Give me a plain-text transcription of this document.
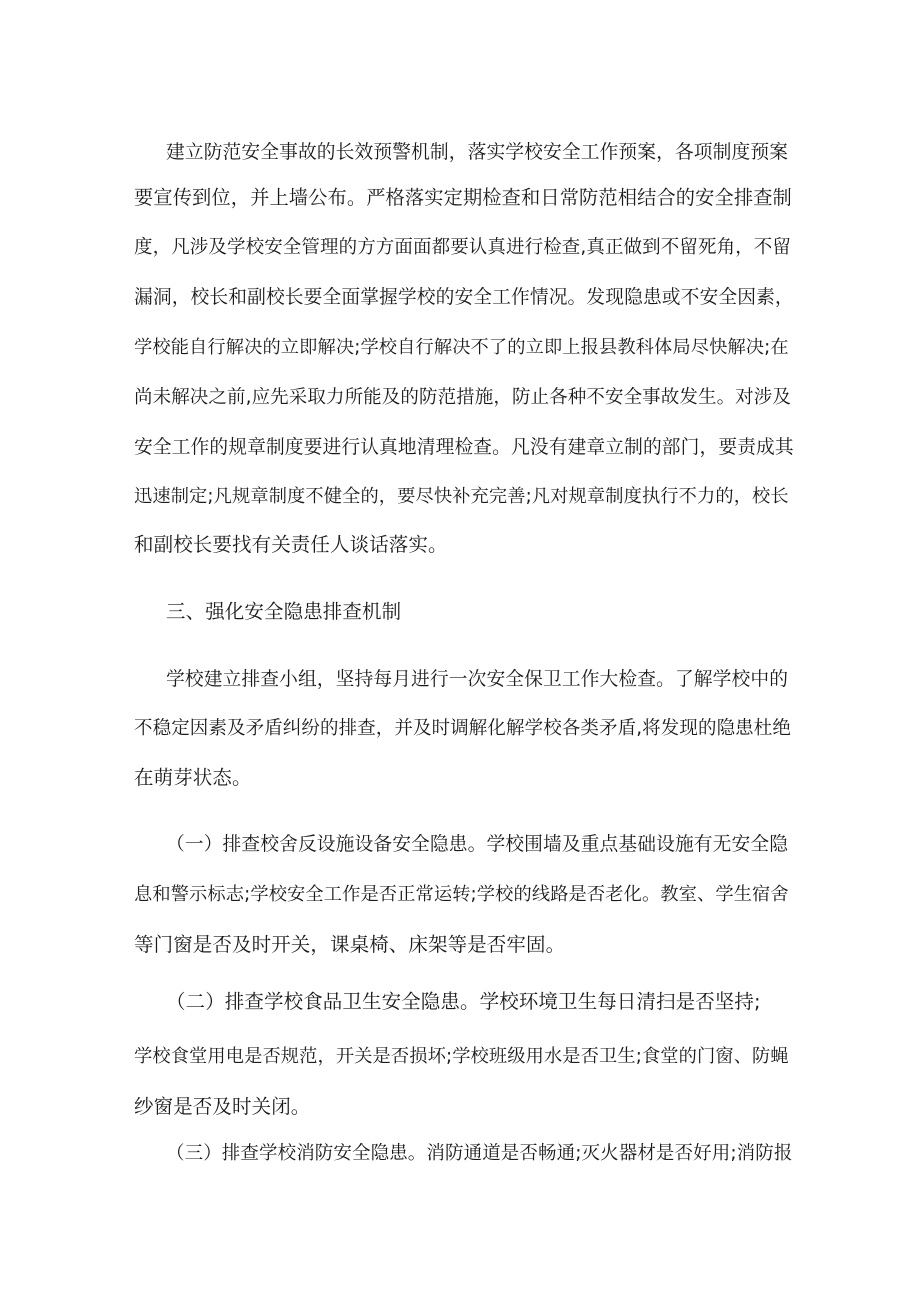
建立防范安全事故的长效预警机制，落实学校安全工作预案，各项制度预案
要宣传到位，并上墙公布。严格落实定期检查和日常防范相结合的安全排查制
度，凡涉及学校安全管理的方方面面都要认真进行检查,真正做到不留死角，不留
漏洞，校长和副校长要全面掌握学校的安全工作情况。发现隐患或不安全因素，
学校能自行解决的立即解决;学校自行解决不了的立即上报县教科体局尽快解决;在
尚未解决之前,应先采取力所能及的防范措施，防止各种不安全事故发生。对涉及
安全工作的规章制度要进行认真地清理检查。凡没有建章立制的部门，要责成其
迅速制定;凡规章制度不健全的，要尽快补充完善;凡对规章制度执行不力的，校长
和副校长要找有关责任人谈话落实。
三、强化安全隐患排查机制
学校建立排查小组，坚持每月进行一次安全保卫工作大检查。了解学校中的
不稳定因素及矛盾纠纷的排查，并及时调解化解学校各类矛盾,将发现的隐患杜绝
在萌芽状态。
（一）排查校舍反设施设备安全隐患。学校围墙及重点基础设施有无安全隐
息和警示标志;学校安全工作是否正常运转;学校的线路是否老化。教室、学生宿舍
等门窗是否及时开关，课桌椅、床架等是否牢固。
（二）排查学校食品卫生安全隐患。学校环境卫生每日清扫是否坚持;
学校食堂用电是否规范，开关是否损坏;学校班级用水是否卫生;食堂的门窗、防蝇
纱窗是否及时关闭。
（三）排查学校消防安全隐患。消防通道是否畅通;灭火器材是否好用;消防报
